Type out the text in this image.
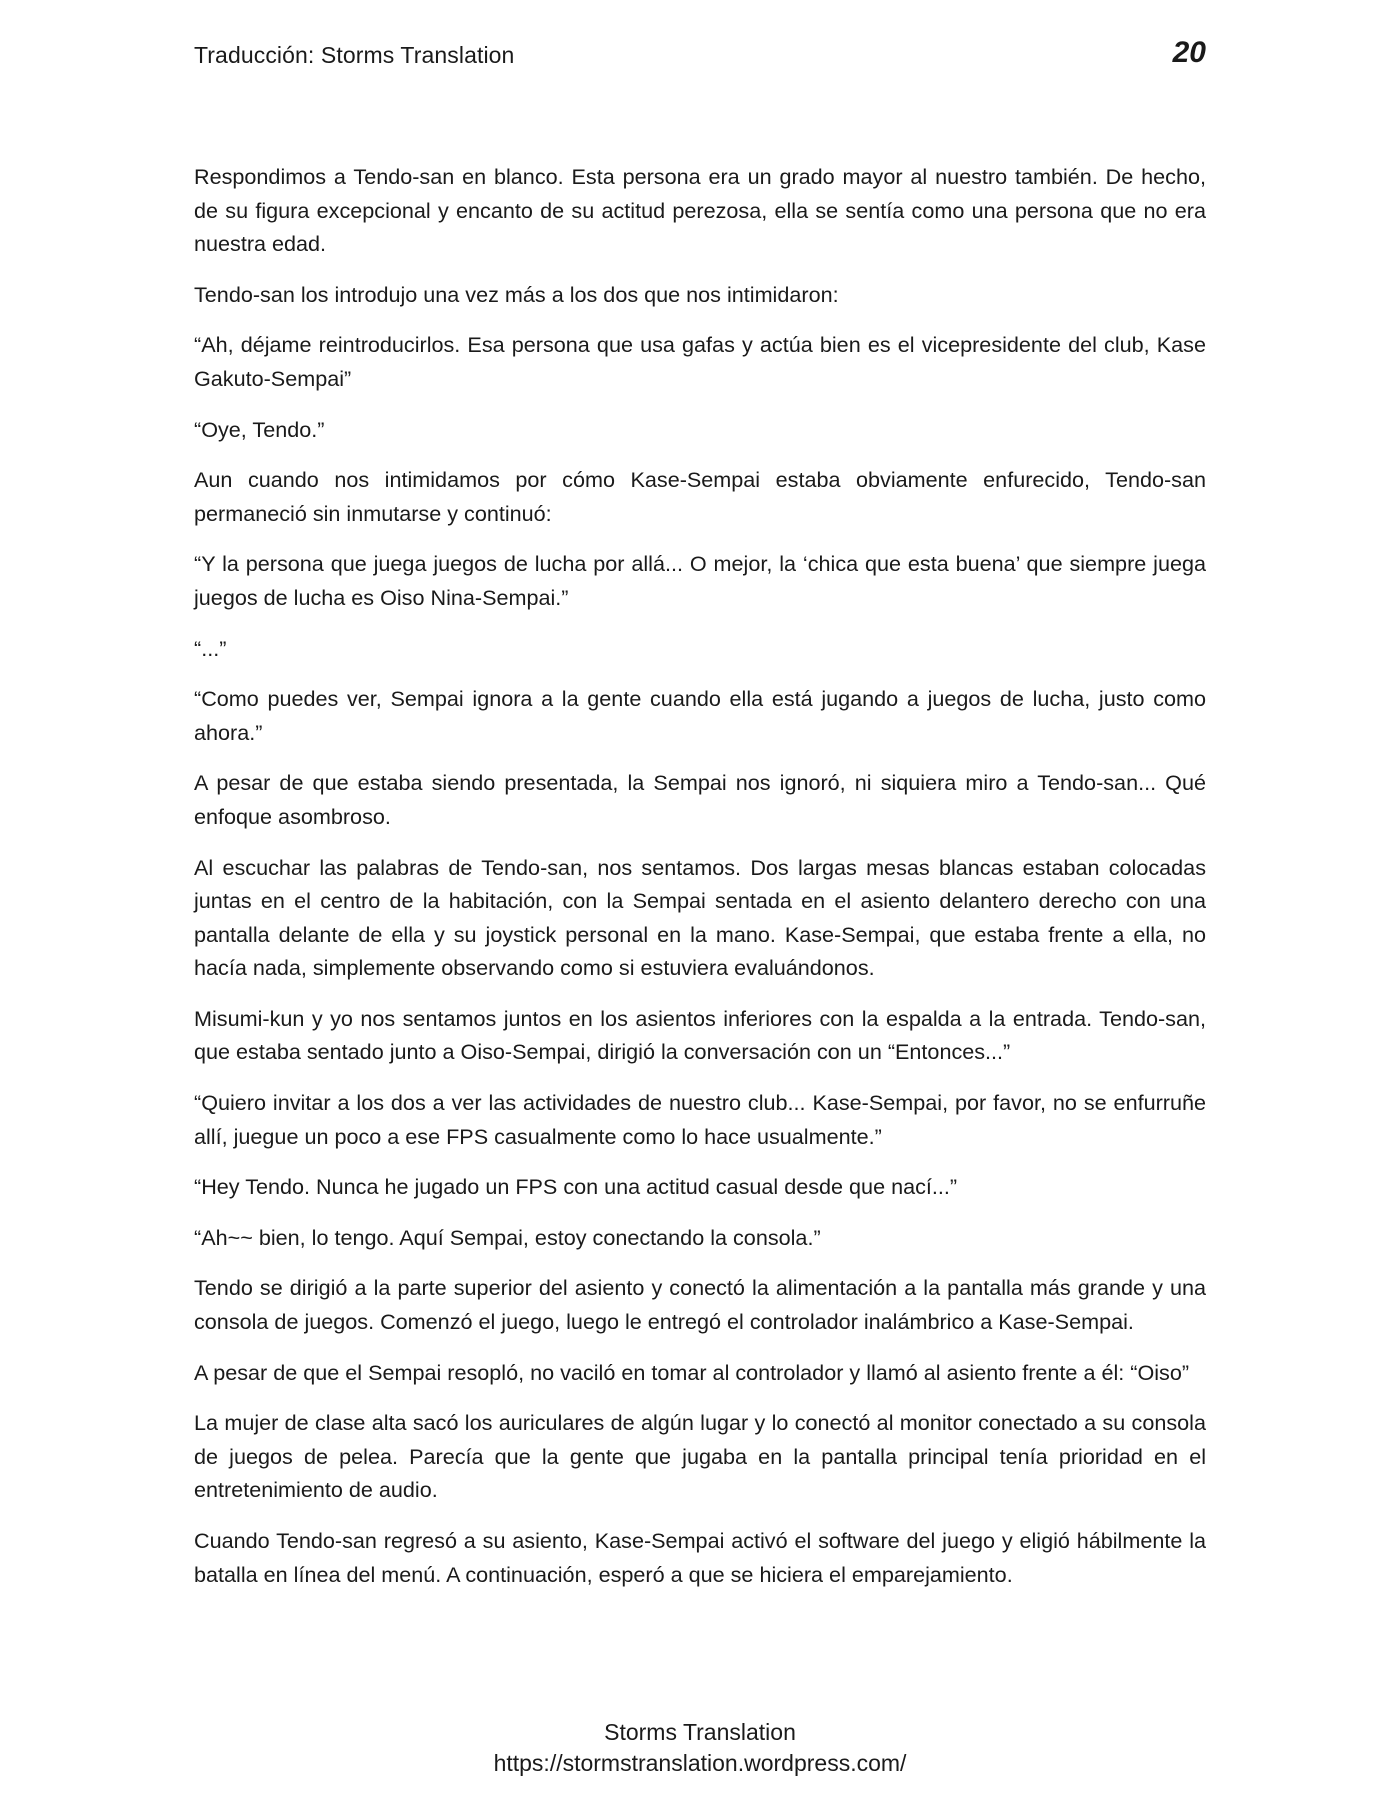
Traducción: Storms Translation	20

Respondimos a Tendo-san en blanco. Esta persona era un grado mayor al nuestro también. De hecho, de su figura excepcional y encanto de su actitud perezosa, ella se sentía como una persona que no era nuestra edad.

Tendo-san los introdujo una vez más a los dos que nos intimidaron:

“Ah, déjame reintroducirlos. Esa persona que usa gafas y actúa bien es el vicepresidente del club, Kase Gakuto-Sempai”

“Oye, Tendo.”

Aun cuando nos intimidamos por cómo Kase-Sempai estaba obviamente enfurecido, Tendo-san permaneció sin inmutarse y continuó:

“Y la persona que juega juegos de lucha por allá... O mejor, la ‘chica que esta buena’ que siempre juega juegos de lucha es Oiso Nina-Sempai.”

“...”

“Como puedes ver, Sempai ignora a la gente cuando ella está jugando a juegos de lucha, justo como ahora.”

A pesar de que estaba siendo presentada, la Sempai nos ignoró, ni siquiera miro a Tendo-san... Qué enfoque asombroso.

Al escuchar las palabras de Tendo-san, nos sentamos. Dos largas mesas blancas estaban colocadas juntas en el centro de la habitación, con la Sempai sentada en el asiento delantero derecho con una pantalla delante de ella y su joystick personal en la mano. Kase-Sempai, que estaba frente a ella, no hacía nada, simplemente observando como si estuviera evaluándonos.

Misumi-kun y yo nos sentamos juntos en los asientos inferiores con la espalda a la entrada. Tendo-san, que estaba sentado junto a Oiso-Sempai, dirigió la conversación con un “Entonces...”

“Quiero invitar a los dos a ver las actividades de nuestro club... Kase-Sempai, por favor, no se enfurruñe allí, juegue un poco a ese FPS casualmente como lo hace usualmente.”

“Hey Tendo. Nunca he jugado un FPS con una actitud casual desde que nací...”

“Ah~~ bien, lo tengo. Aquí Sempai, estoy conectando la consola.”

Tendo se dirigió a la parte superior del asiento y conectó la alimentación a la pantalla más grande y una consola de juegos. Comenzó el juego, luego le entregó el controlador inalámbrico a Kase-Sempai.

A pesar de que el Sempai resopló, no vaciló en tomar al controlador y llamó al asiento frente a él: “Oiso”

La mujer de clase alta sacó los auriculares de algún lugar y lo conectó al monitor conectado a su consola de juegos de pelea. Parecía que la gente que jugaba en la pantalla principal tenía prioridad en el entretenimiento de audio.

Cuando Tendo-san regresó a su asiento, Kase-Sempai activó el software del juego y eligió hábilmente la batalla en línea del menú. A continuación, esperó a que se hiciera el emparejamiento.

Storms Translation
https://stormstranslation.wordpress.com/
